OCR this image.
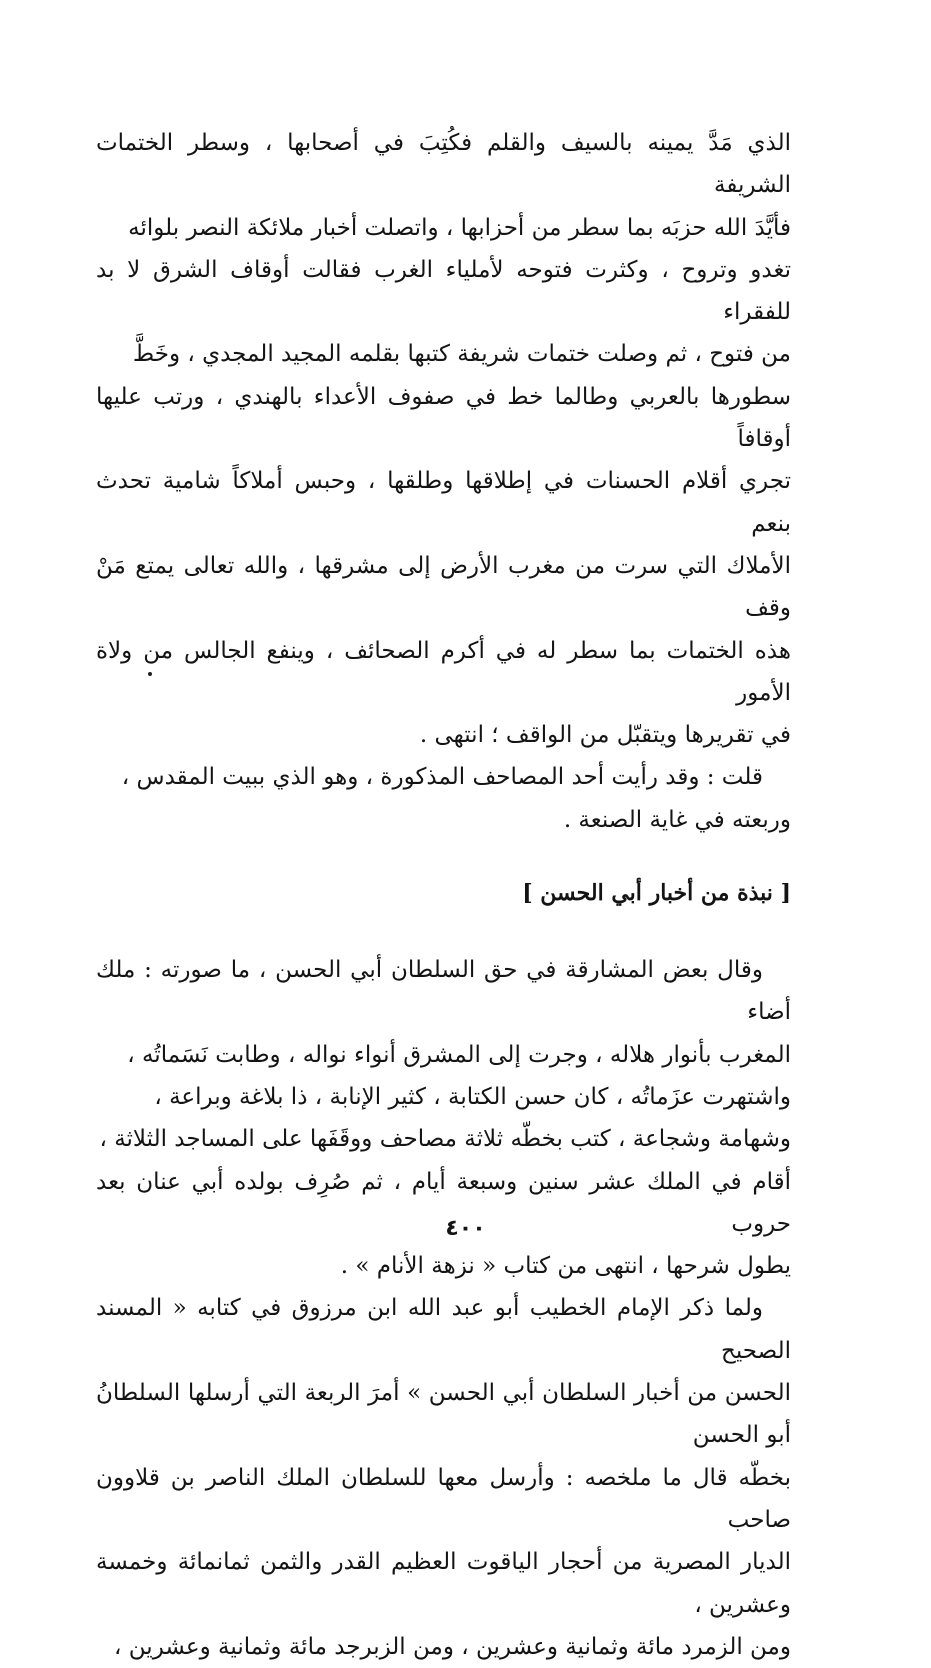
الذي مَدَّ يمينه بالسيف والقلم فكُتِبَ في أصحابها ، وسطر الختمات الشريفة

فأيَّدَ الله حزبَه بما سطر من أحزابها ، واتصلت أخبار ملائكة النصر بلوائه

تغدو وتروح ، وكثرت فتوحه لأملياء الغرب فقالت أوقاف الشرق لا بد للفقراء

من فتوح ، ثم وصلت ختمات شريفة كتبها بقلمه المجيد المجدي ، وخَطَّ

سطورها بالعربي وطالما خط في صفوف الأعداء بالهندي ، ورتب عليها أوقافاً

تجري أقلام الحسنات في إطلاقها وطلقها ، وحبس أملاكاً شامية تحدث بنعم

الأملاك التي سرت من مغرب الأرض إلى مشرقها ، والله تعالى يمتع مَنْ وقف

هذه الختمات بما سطر له في أكرم الصحائف ، وينفع الجالس من ولاة الأمور

في تقريرها ويتقبّل من الواقف ؛ انتهى .

قلت : وقد رأيت أحد المصاحف المذكورة ، وهو الذي ببيت المقدس ،

وربعته في غاية الصنعة .

[ نبذة من أخبار أبي الحسن ]

وقال بعض المشارقة في حق السلطان أبي الحسن ، ما صورته : ملك أضاء

المغرب بأنوار هلاله ، وجرت إلى المشرق أنواء نواله ، وطابت نَسَماتُه ،

واشتهرت عزَماتُه ، كان حسن الكتابة ، كثير الإنابة ، ذا بلاغة وبراعة ،

وشهامة وشجاعة ، كتب بخطّه ثلاثة مصاحف ووقَفَها على المساجد الثلاثة ،

أقام في الملك عشر سنين وسبعة أيام ، ثم صُرِف بولده أبي عنان بعد حروب

يطول شرحها ، انتهى من كتاب « نزهة الأنام » .

ولما ذكر الإمام الخطيب أبو عبد الله ابن مرزوق في كتابه « المسند الصحيح

الحسن من أخبار السلطان أبي الحسن » أمرَ الربعة التي أرسلها السلطانُ أبو الحسن

بخطّه قال ما ملخصه : وأرسل معها للسلطان الملك الناصر بن قلاوون صاحب

الديار المصرية من أحجار الياقوت العظيم القدر والثمن ثمانمائة وخمسة وعشرين ،

ومن الزمرد مائة وثمانية وعشرين ، ومن الزبرجد مائة وثمانية وعشرين ،

٤٠٠
